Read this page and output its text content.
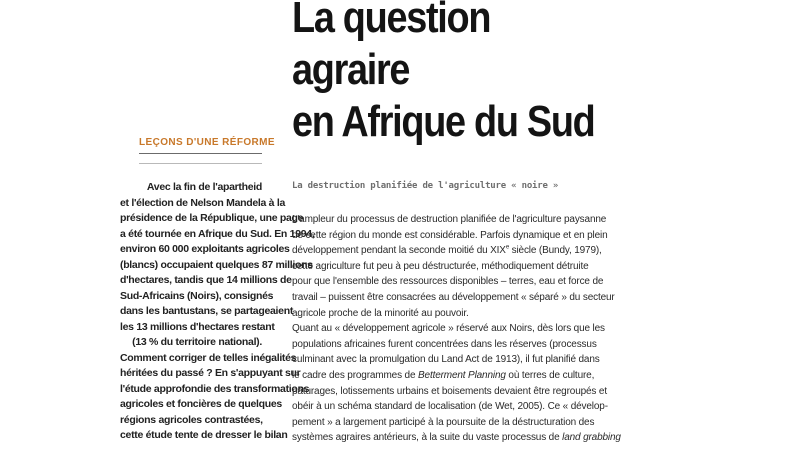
La question
agraire
en Afrique du Sud
LEÇONS D'UNE RÉFORME

Avec la fin de l'apartheid
et l'élection de Nelson Mandela à la
présidence de la République, une page
a été tournée en Afrique du Sud. En 1994,
environ 60 000 exploitants agricoles
(blancs) occupaient quelques 87 millions
d'hectares, tandis que 14 millions de
Sud-Africains (Noirs), consignés
dans les bantustans, se partageaient
les 13 millions d'hectares restant
(13 % du territoire national).
Comment corriger de telles inégalités
héritées du passé ? En s'appuyant sur
l'étude approfondie des transformations
agricoles et foncières de quelques
régions agricoles contrastées,
cette étude tente de dresser le bilan

La destruction planifiée de l'agriculture « noire »

L'ampleur du processus de destruction planifiée de l'agriculture paysanne
de cette région du monde est considérable. Parfois dynamique et en plein
développement pendant la seconde moitié du XIXe siècle (Bundy, 1979),
cette agriculture fut peu à peu déstructurée, méthodiquement détruite
pour que l'ensemble des ressources disponibles – terres, eau et force de
travail – puissent être consacrées au développement « séparé » du secteur
agricole proche de la minorité au pouvoir.
Quant au « développement agricole » réservé aux Noirs, dès lors que les
populations africaines furent concentrées dans les réserves (processus
culminant avec la promulgation du Land Act de 1913), il fut planifié dans
le cadre des programmes de Betterment Planning où terres de culture,
pâturages, lotissements urbains et boisements devaient être regroupés et
obéir à un schéma standard de localisation (de Wet, 2005). Ce « dévelop-
pement » a largement participé à la poursuite de la déstructuration des
systèmes agraires antérieurs, à la suite du vaste processus de land grabbing
